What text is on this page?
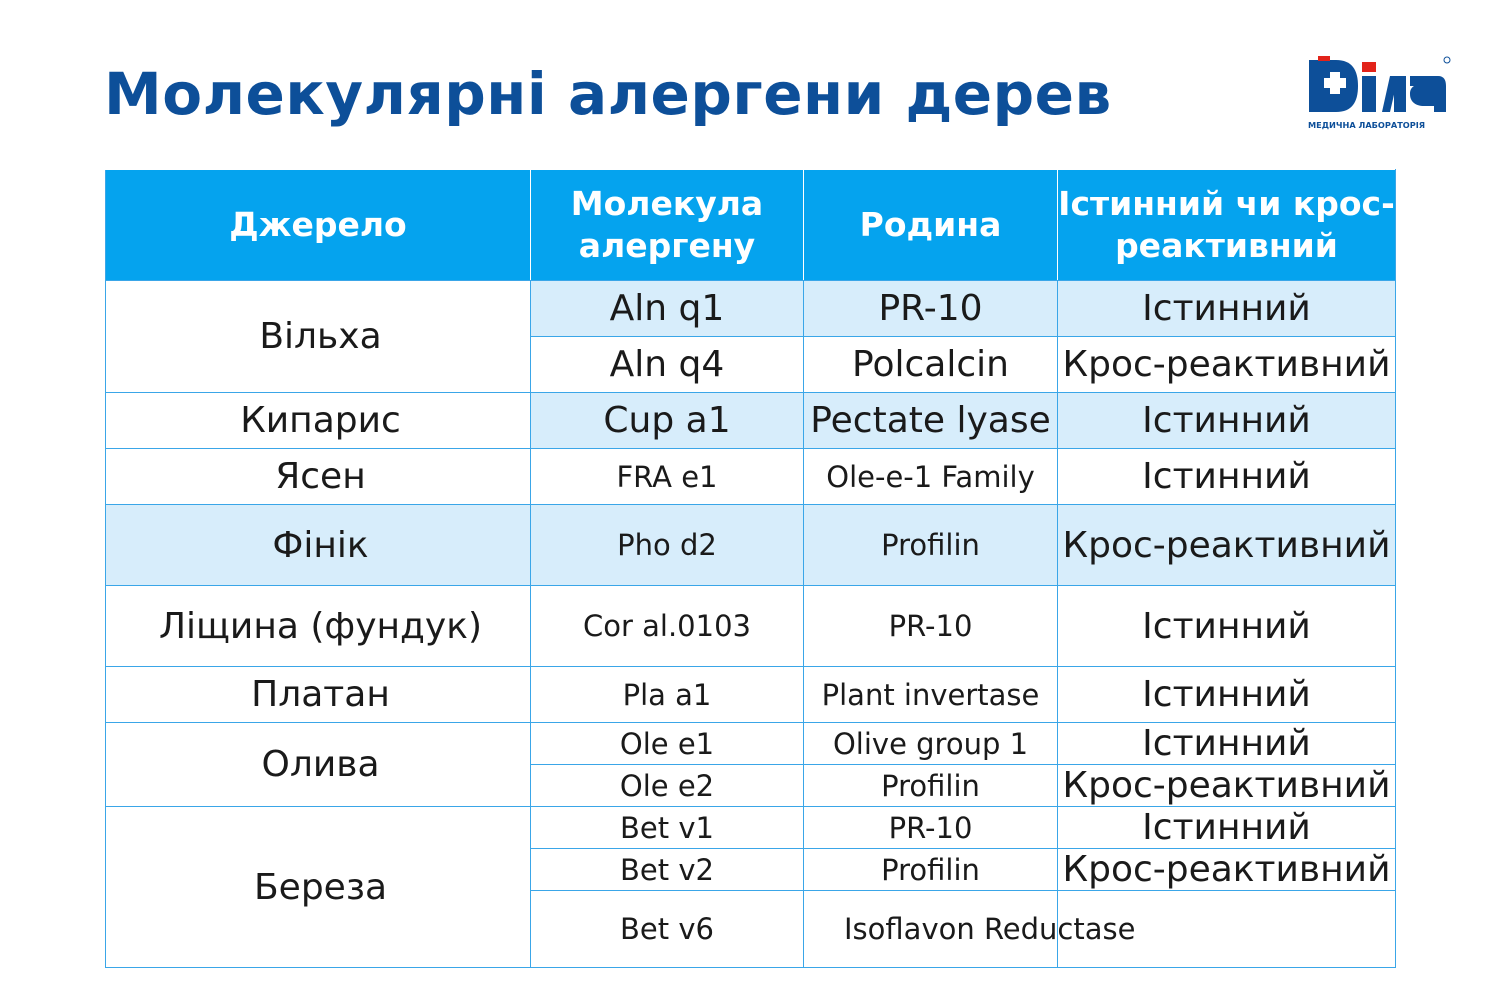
Молекулярні алергени дерев	МЕДИЧНА ЛАБОРАТОРІЯ
Джерело	Молекула алергену	Родина	Істинний чи крос-реактивний
Вільха	Aln q1	PR-10	Істинний
	Aln q4	Polcalcin	Крос-реактивний
Кипарис	Cup a1	Pectate lyase	Істинний
Ясен	FRA e1	Ole-e-1 Family	Істинний
Фінік	Pho d2	Profilin	Крос-реактивний
Ліщина (фундук)	Cor al.0103	PR-10	Істинний
Платан	Pla a1	Plant invertase	Істинний
Олива	Ole e1	Olive group 1	Істинний
	Ole e2	Profilin	Крос-реактивний
Береза	Bet v1	PR-10	Істинний
	Bet v2	Profilin	Крос-реактивний
	Bet v6	Isoflavon Reductase	
